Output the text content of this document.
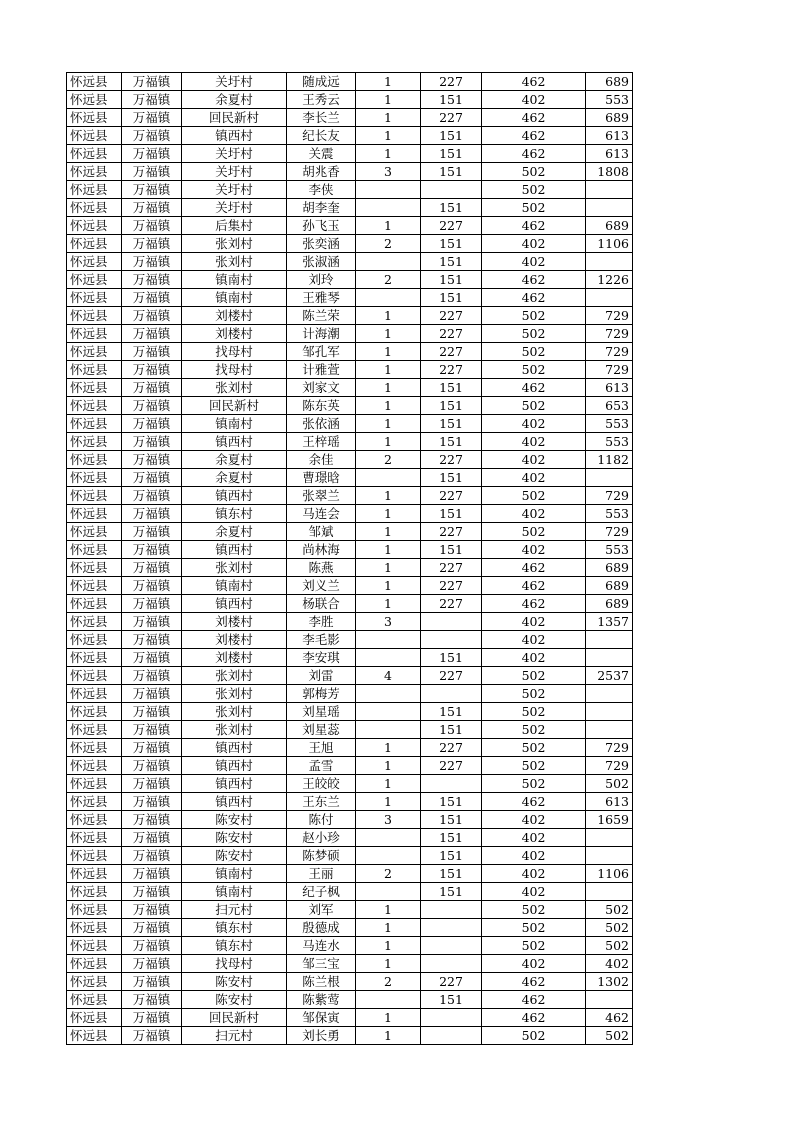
怀远县	万福镇	关圩村	随成远	1	227	462	689
怀远县	万福镇	余夏村	王秀云	1	151	402	553
怀远县	万福镇	回民新村	李长兰	1	227	462	689
怀远县	万福镇	镇西村	纪长友	1	151	462	613
怀远县	万福镇	关圩村	关震	1	151	462	613
怀远县	万福镇	关圩村	胡兆香	3	151	502	1808
怀远县	万福镇	关圩村	李侠			502	
怀远县	万福镇	关圩村	胡李奎		151	502	
怀远县	万福镇	后集村	孙飞玉	1	227	462	689
怀远县	万福镇	张刘村	张奕涵	2	151	402	1106
怀远县	万福镇	张刘村	张淑涵		151	402	
怀远县	万福镇	镇南村	刘玲	2	151	462	1226
怀远县	万福镇	镇南村	王雅琴		151	462	
怀远县	万福镇	刘楼村	陈兰荣	1	227	502	729
怀远县	万福镇	刘楼村	计海潮	1	227	502	729
怀远县	万福镇	找母村	邹孔军	1	227	502	729
怀远县	万福镇	找母村	计雅萱	1	227	502	729
怀远县	万福镇	张刘村	刘家文	1	151	462	613
怀远县	万福镇	回民新村	陈东英	1	151	502	653
怀远县	万福镇	镇南村	张依涵	1	151	402	553
怀远县	万福镇	镇西村	王梓瑶	1	151	402	553
怀远县	万福镇	余夏村	余佳	2	227	402	1182
怀远县	万福镇	余夏村	曹璟晗		151	402	
怀远县	万福镇	镇西村	张翠兰	1	227	502	729
怀远县	万福镇	镇东村	马连会	1	151	402	553
怀远县	万福镇	余夏村	邹斌	1	227	502	729
怀远县	万福镇	镇西村	尚林海	1	151	402	553
怀远县	万福镇	张刘村	陈燕	1	227	462	689
怀远县	万福镇	镇南村	刘义兰	1	227	462	689
怀远县	万福镇	镇西村	杨联合	1	227	462	689
怀远县	万福镇	刘楼村	李胜	3		402	1357
怀远县	万福镇	刘楼村	李毛影			402	
怀远县	万福镇	刘楼村	李安琪		151	402	
怀远县	万福镇	张刘村	刘雷	4	227	502	2537
怀远县	万福镇	张刘村	郭梅芳			502	
怀远县	万福镇	张刘村	刘星瑶		151	502	
怀远县	万福镇	张刘村	刘星蕊		151	502	
怀远县	万福镇	镇西村	王旭	1	227	502	729
怀远县	万福镇	镇西村	孟雪	1	227	502	729
怀远县	万福镇	镇西村	王皎皎	1		502	502
怀远县	万福镇	镇西村	王东兰	1	151	462	613
怀远县	万福镇	陈安村	陈付	3	151	402	1659
怀远县	万福镇	陈安村	赵小珍		151	402	
怀远县	万福镇	陈安村	陈梦硕		151	402	
怀远县	万福镇	镇南村	王丽	2	151	402	1106
怀远县	万福镇	镇南村	纪子枫		151	402	
怀远县	万福镇	扫元村	刘军	1		502	502
怀远县	万福镇	镇东村	殷德成	1		502	502
怀远县	万福镇	镇东村	马连水	1		502	502
怀远县	万福镇	找母村	邹三宝	1		402	402
怀远县	万福镇	陈安村	陈兰根	2	227	462	1302
怀远县	万福镇	陈安村	陈紫莺		151	462	
怀远县	万福镇	回民新村	邹保寅	1		462	462
怀远县	万福镇	扫元村	刘长勇	1		502	502
